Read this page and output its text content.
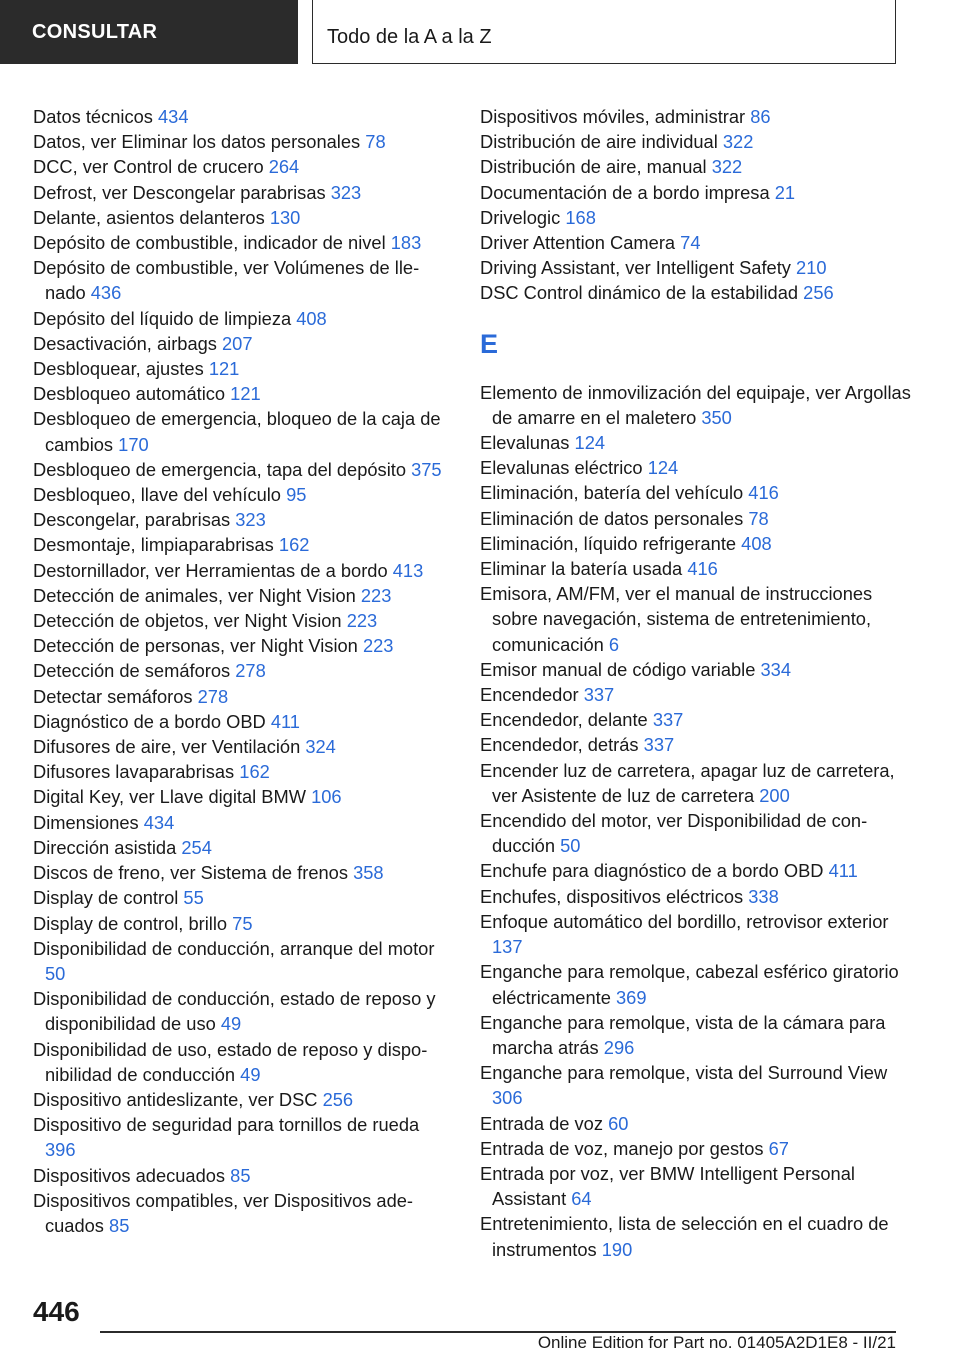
CONSULTAR	Todo de la A a la Z
Datos técnicos 434
Datos, ver Eliminar los datos personales 78
DCC, ver Control de crucero 264
Defrost, ver Descongelar parabrisas 323
Delante, asientos delanteros 130
Depósito de combustible, indicador de nivel 183
Depósito de combustible, ver Volúmenes de llenado 436
Depósito del líquido de limpieza 408
Desactivación, airbags 207
Desbloquear, ajustes 121
Desbloqueo automático 121
Desbloqueo de emergencia, bloqueo de la caja de cambios 170
Desbloqueo de emergencia, tapa del depósito 375
Desbloqueo, llave del vehículo 95
Descongelar, parabrisas 323
Desmontaje, limpiaparabrisas 162
Destornillador, ver Herramientas de a bordo 413
Detección de animales, ver Night Vision 223
Detección de objetos, ver Night Vision 223
Detección de personas, ver Night Vision 223
Detección de semáforos 278
Detectar semáforos 278
Diagnóstico de a bordo OBD 411
Difusores de aire, ver Ventilación 324
Difusores lavaparabrisas 162
Digital Key, ver Llave digital BMW 106
Dimensiones 434
Dirección asistida 254
Discos de freno, ver Sistema de frenos 358
Display de control 55
Display de control, brillo 75
Disponibilidad de conducción, arranque del motor 50
Disponibilidad de conducción, estado de reposo y disponibilidad de uso 49
Disponibilidad de uso, estado de reposo y disponibilidad de conducción 49
Dispositivo antideslizante, ver DSC 256
Dispositivo de seguridad para tornillos de rueda 396
Dispositivos adecuados 85
Dispositivos compatibles, ver Dispositivos adecuados 85
Dispositivos móviles, administrar 86
Distribución de aire individual 322
Distribución de aire, manual 322
Documentación de a bordo impresa 21
Drivelogic 168
Driver Attention Camera 74
Driving Assistant, ver Intelligent Safety 210
DSC Control dinámico de la estabilidad 256
E
Elemento de inmovilización del equipaje, ver Argollas de amarre en el maletero 350
Elevalunas 124
Elevalunas eléctrico 124
Eliminación, batería del vehículo 416
Eliminación de datos personales 78
Eliminación, líquido refrigerante 408
Eliminar la batería usada 416
Emisora, AM/FM, ver el manual de instrucciones sobre navegación, sistema de entretenimiento, comunicación 6
Emisor manual de código variable 334
Encendedor 337
Encendedor, delante 337
Encendedor, detrás 337
Encender luz de carretera, apagar luz de carretera, ver Asistente de luz de carretera 200
Encendido del motor, ver Disponibilidad de conducción 50
Enchufe para diagnóstico de a bordo OBD 411
Enchufes, dispositivos eléctricos 338
Enfoque automático del bordillo, retrovisor exterior 137
Enganche para remolque, cabezal esférico giratorio eléctricamente 369
Enganche para remolque, vista de la cámara para marcha atrás 296
Enganche para remolque, vista del Surround View 306
Entrada de voz 60
Entrada de voz, manejo por gestos 67
Entrada por voz, ver BMW Intelligent Personal Assistant 64
Entretenimiento, lista de selección en el cuadro de instrumentos 190
446
Online Edition for Part no. 01405A2D1E8 - II/21
